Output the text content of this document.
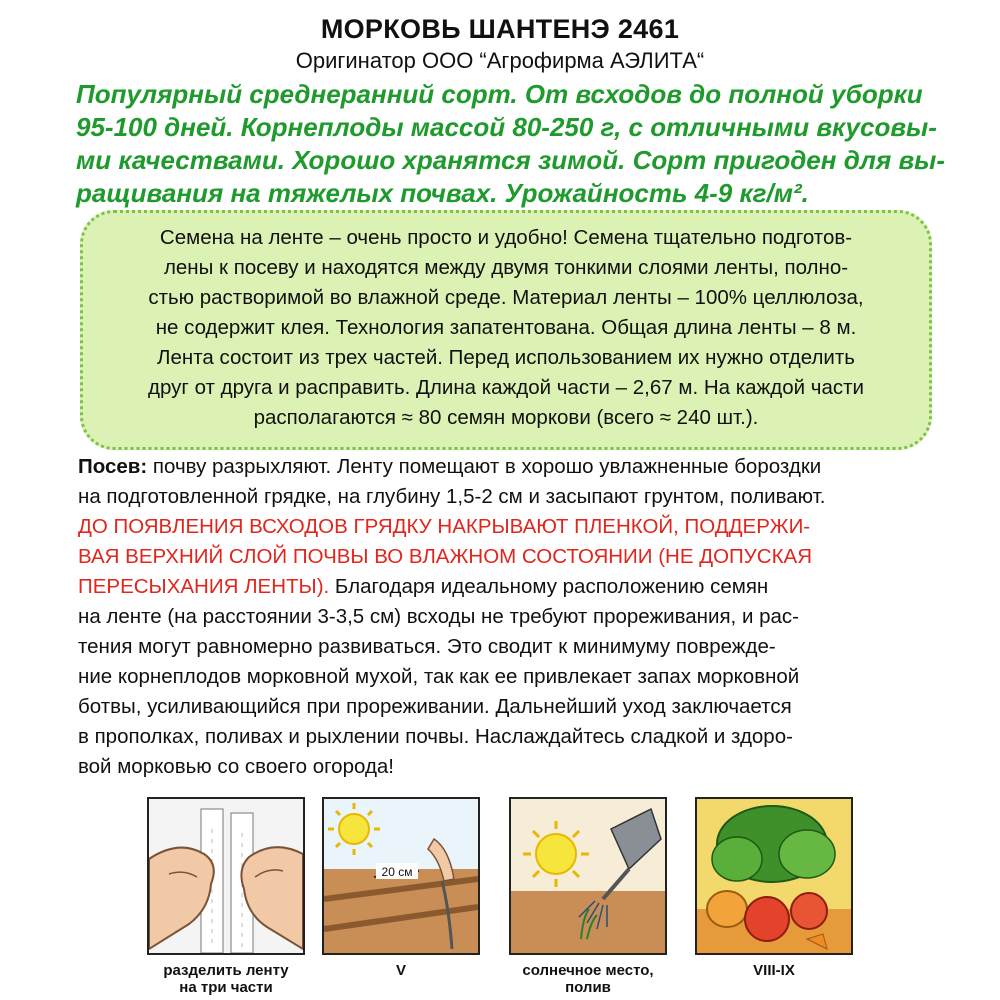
МОРКОВЬ ШАНТЕНЭ 2461
Оригинатор ООО “Агрофирма АЭЛИТА“

Популярный среднеранний сорт. От всходов до полной уборки

95-100 дней. Корнеплоды массой 80-250 г, с отличными вкусовы-

ми качествами. Хорошо хранятся зимой. Сорт пригоден для вы-

ращивания на тяжелых почвах. Урожайность 4-9 кг/м².

Семена на ленте – очень просто и удобно! Семена тщательно подготов-

лены к посеву и находятся между двумя тонкими слоями ленты, полно-

стью растворимой во влажной среде. Материал ленты – 100% целлюлоза,

не содержит клея. Технология запатентована. Общая длина ленты – 8 м.

Лента состоит из трех частей. Перед использованием их нужно отделить

друг от друга и расправить. Длина каждой части – 2,67 м. На каждой части

располагаются ≈ 80 семян моркови (всего ≈ 240 шт.).

Посев: почву разрыхляют. Ленту помещают в хорошо увлажненные бороздки

на подготовленной грядке, на глубину 1,5-2 см и засыпают грунтом, поливают.

ДО ПОЯВЛЕНИЯ ВСХОДОВ ГРЯДКУ НАКРЫВАЮТ ПЛЕНКОЙ, ПОДДЕРЖИ-

ВАЯ ВЕРХНИЙ СЛОЙ ПОЧВЫ ВО ВЛАЖНОМ СОСТОЯНИИ (НЕ ДОПУСКАЯ

ПЕРЕСЫХАНИЯ ЛЕНТЫ). Благодаря идеальному расположению семян

на ленте (на расстоянии 3-3,5 см) всходы не требуют прореживания, и рас-

тения могут равномерно развиваться. Это сводит к минимуму поврежде-

ние корнеплодов морковной мухой, так как ее привлекает запах морковной

ботвы, усиливающийся при прореживании. Дальнейший уход заключается

в прополках, поливах и рыхлении почвы. Наслаждайтесь сладкой и здоро-

вой морковью со своего огорода!

разделить ленту

на три части

20 см
V	солнечное место,

полив

VIII-IX
